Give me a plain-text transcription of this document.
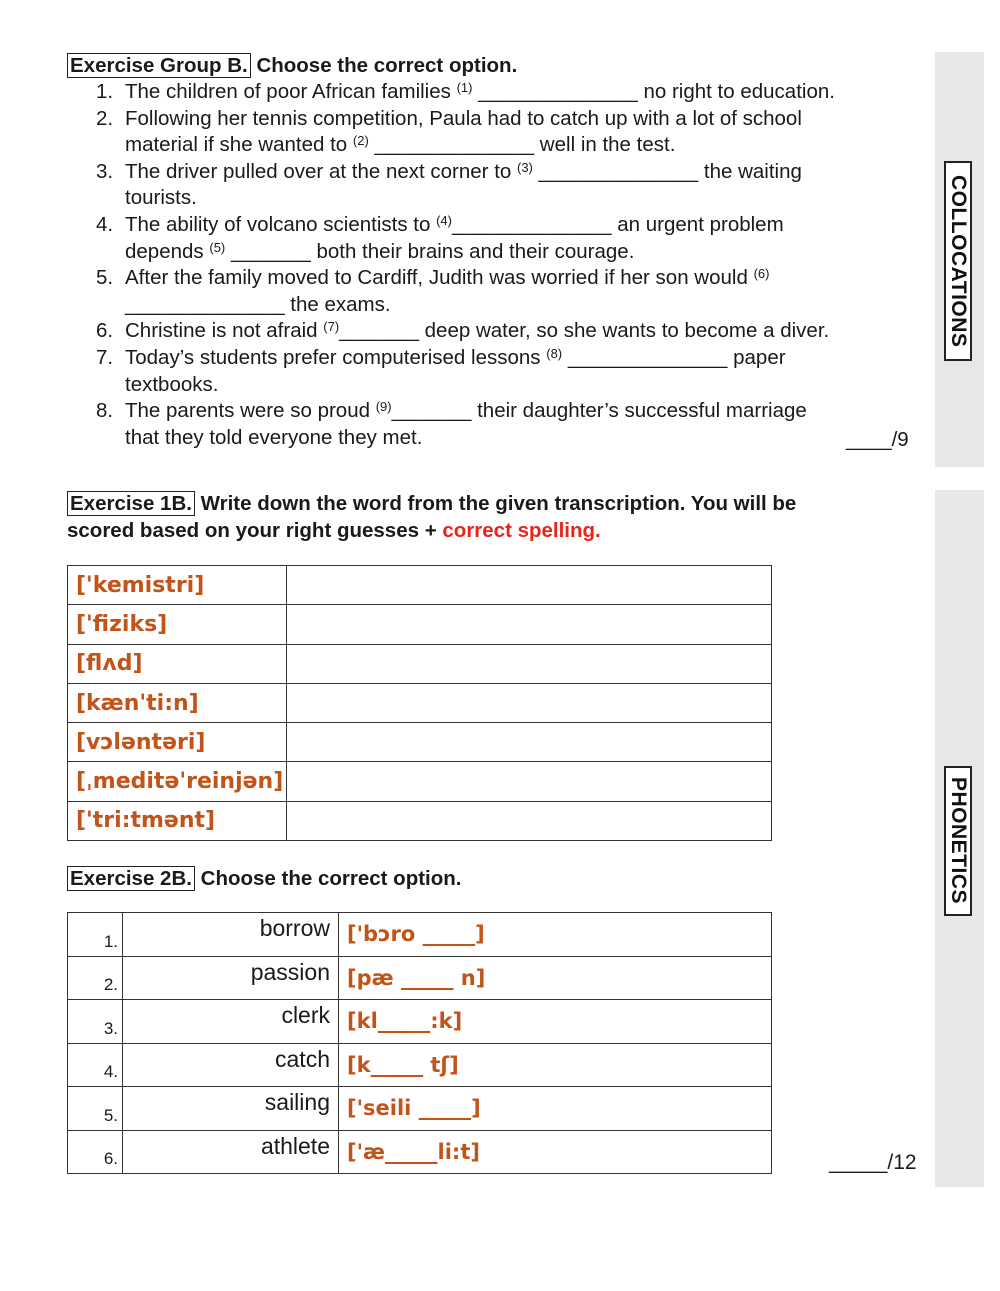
COLLOCATIONS
PHONETICS
Exercise Group B. Choose the correct option.
1. The children of poor African families $^{(1)}$ ______________ no right to education.
2. Following her tennis competition, Paula had to catch up with a lot of school
material if she wanted to $^{(2)}$ ______________ well in the test.
3. The driver pulled over at the next corner to $^{(3)}$ ______________ the waiting
tourists.
4. The ability of volcano scientists to $^{(4)}$______________ an urgent problem
depends $^{(5)}$ _______ both their brains and their courage.
5. After the family moved to Cardiff, Judith was worried if her son would $^{(6)}$
______________ the exams.
6. Christine is not afraid $^{(7)}$_______ deep water, so she wants to become a diver.
7. Today’s students prefer computerised lessons $^{(8)}$ ______________ paper
textbooks.
8. The parents were so proud $^{(9)}$_______ their daughter’s successful marriage
that they told everyone they met.	____/9
Exercise 1B. Write down the word from the given transcription. You will be
scored based on your right guesses + correct spelling.
['kemistri]	
['fiziks]	
[flʌd]	
[kæn'ti:n]	
[vɔləntəri]	
[ˌmeditə'reinjən]	
['tri:tmənt]	
Exercise 2B. Choose the correct option.
1.	borrow	['bɔro _____]
2.	passion	[pæ _____ n]
3.	clerk	[kl_____:k]
4.	catch	[k_____ tʃ]
5.	sailing	['seili _____]
6.	athlete	['æ_____li:t]	_____/12
